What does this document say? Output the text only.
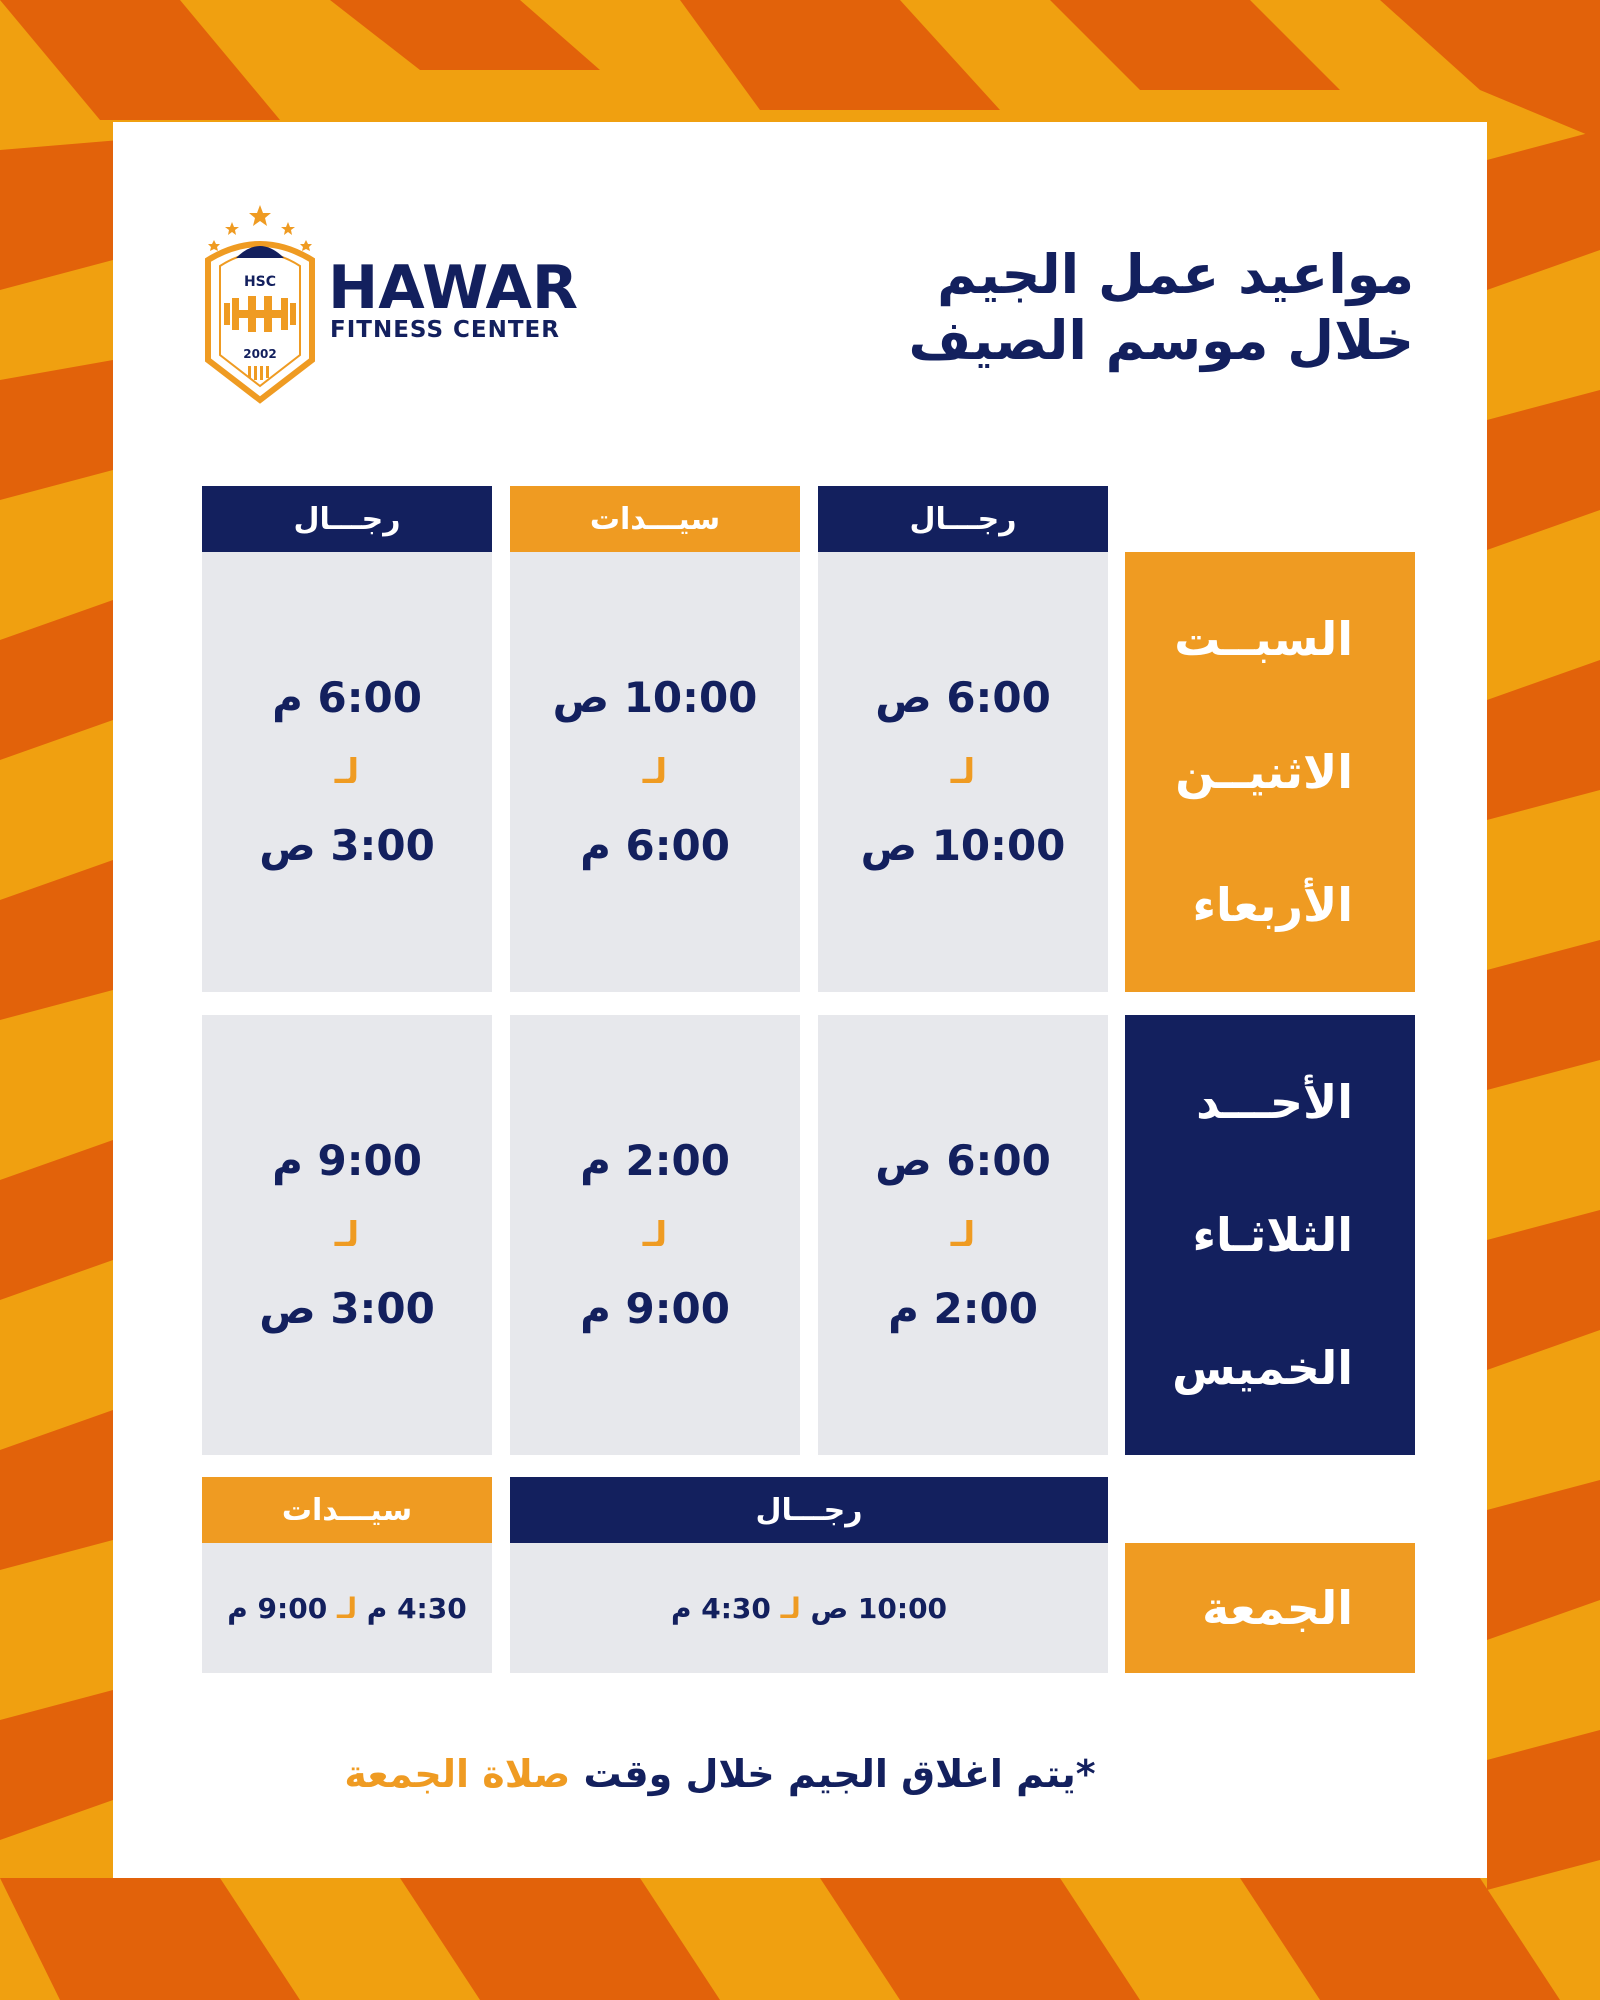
HSC
2002
HAWAR
FITNESS CENTER
مواعيد عمل الجيم
خلال موسم الصيف
رجـــال
سيـــدات
رجـــال
السبــت
الاثنيــن
الأربعاء
6:00 ص
لـ
10:00 ص
10:00 ص
لـ
6:00 م
6:00 م
لـ
3:00 ص
الأحـــد
الثلاثـاء
الخميس
6:00 ص
لـ
2:00 م
2:00 م
لـ
9:00 م
9:00 م
لـ
3:00 ص
رجـــال
سيـــدات
الجمعة
10:00 ص لـ 4:30 م
4:30 م لـ 9:00 م
*يتم اغلاق الجيم خلال وقت صلاة الجمعة
